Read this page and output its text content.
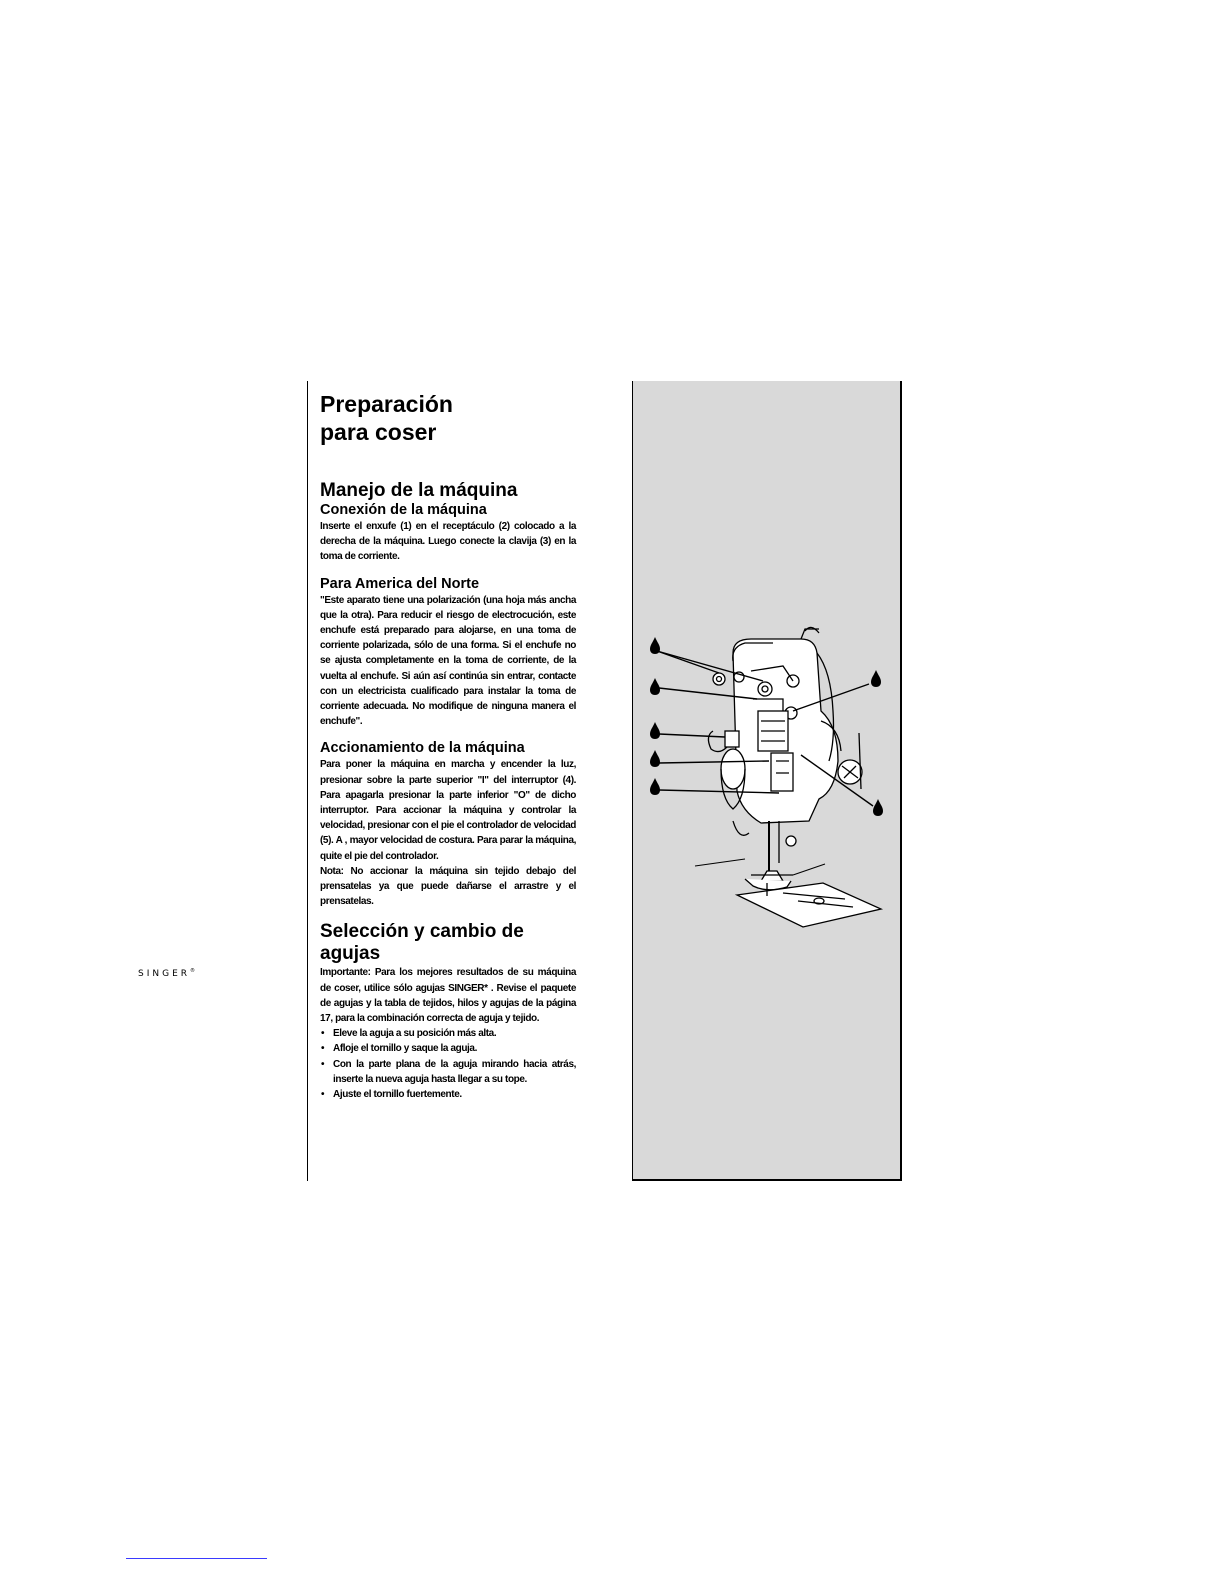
SINGER®
Preparación
para coser
Manejo de la máquina
Conexión de la máquina

Inserte el enxufe (1) en el receptáculo (2) colocado a la derecha de la máquina. Luego conecte la clavija (3) en la toma de corriente.

Para America del Norte

"Este aparato tiene una polarización (una hoja más ancha que la otra). Para reducir el riesgo de electrocución, este enchufe está preparado para alojarse, en una toma de corriente polarizada, sólo de una forma. Si el enchufe no se ajusta completamente en la toma de corriente, de la vuelta al enchufe. Si aún así continúa sin entrar, contacte con un electricista cualificado para instalar la toma de corriente adecuada. No modifique de ninguna manera el enchufe".

Accionamiento de la máquina

Para poner la máquina en marcha y encender la luz, presionar sobre la parte superior "I" del interruptor (4). Para apagarla presionar la parte inferior "O" de dicho interruptor. Para accionar la máquina y controlar la velocidad, presionar con el pie el controlador de velocidad (5). A , mayor velocidad de costura. Para parar la máquina, quite el pie del controlador.
Nota: No accionar la máquina sin tejido debajo del prensatelas ya que puede dañarse el arrastre y el prensatelas.

Selección y cambio de
agujas

Importante: Para los mejores resultados de su máquina de coser, utilice sólo agujas SINGER* . Revise el paquete de agujas y la tabla de tejidos, hilos y agujas de la página 17, para la combinación correcta de aguja y tejido.

• Eleve la aguja a su posición más alta.
• Afloje el tornillo y saque la aguja.
• Con la parte plana de la aguja mirando hacia atrás, inserte la nueva aguja hasta llegar a su tope.
• Ajuste el tornillo fuertemente.
